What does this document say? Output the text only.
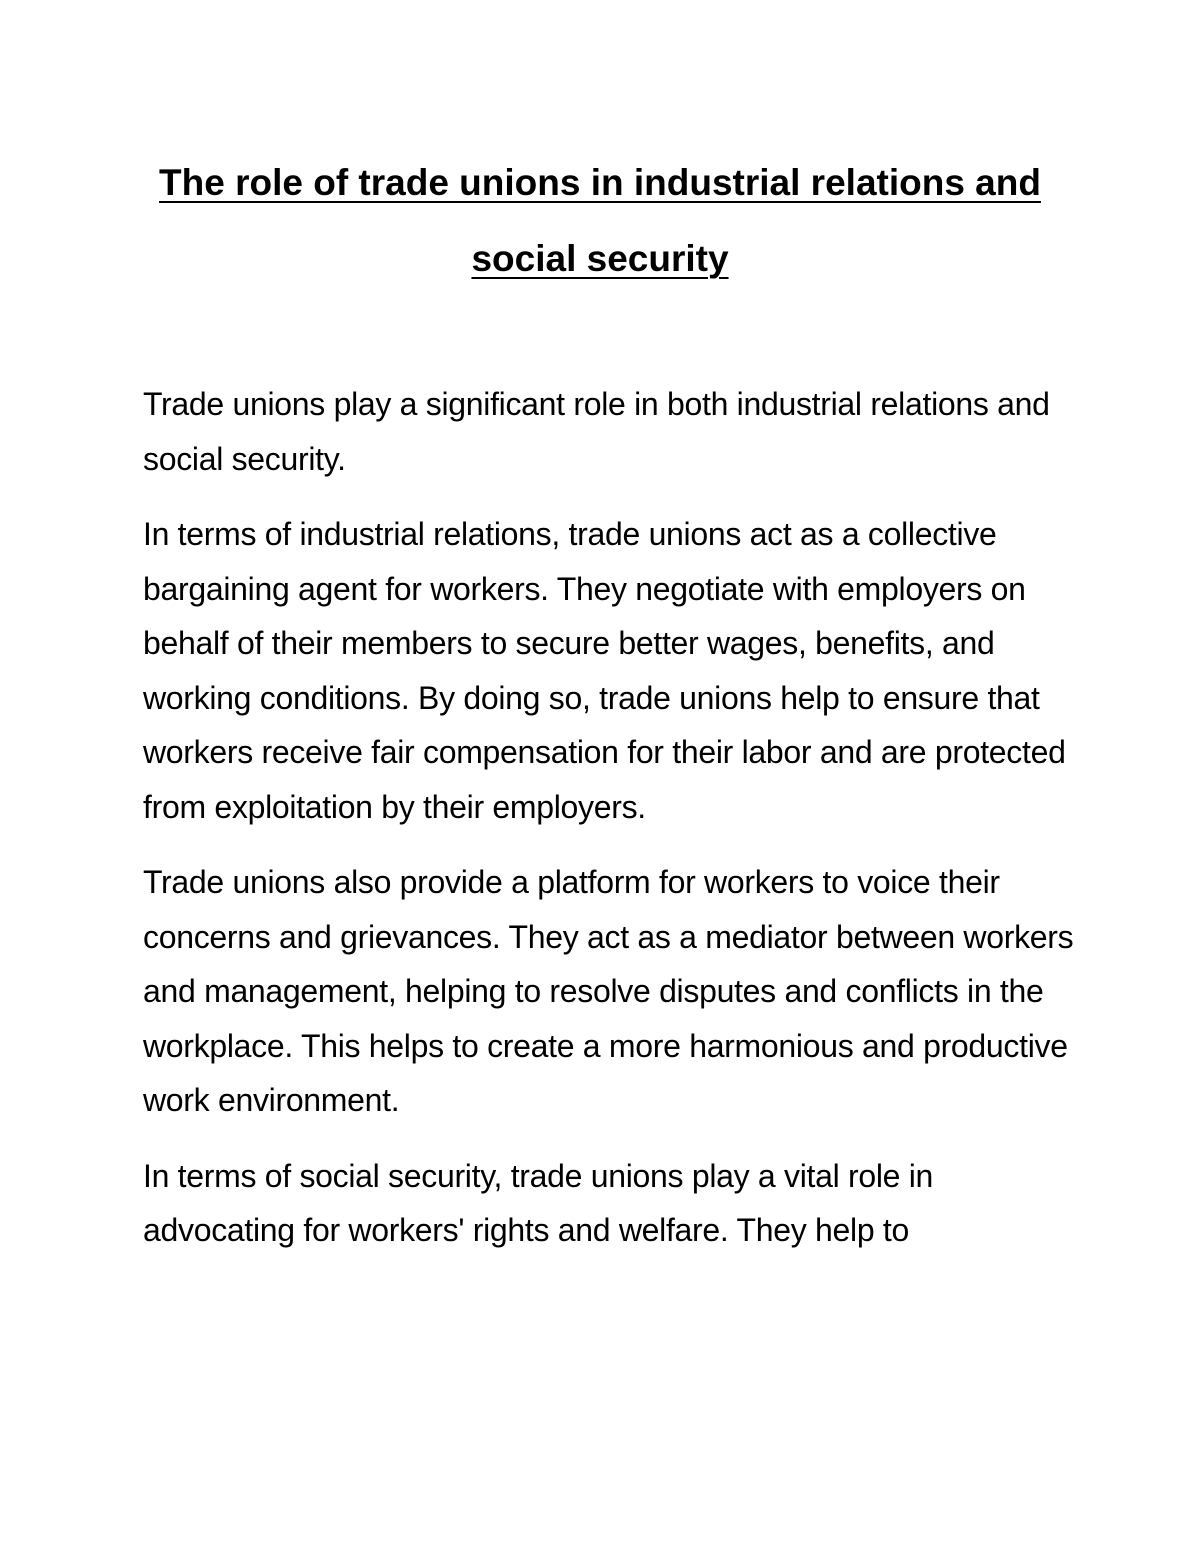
The role of trade unions in industrial relations and social security

Trade unions play a significant role in both industrial relations and social security.

In terms of industrial relations, trade unions act as a collective bargaining agent for workers. They negotiate with employers on behalf of their members to secure better wages, benefits, and working conditions. By doing so, trade unions help to ensure that workers receive fair compensation for their labor and are protected from exploitation by their employers.

Trade unions also provide a platform for workers to voice their concerns and grievances. They act as a mediator between workers and management, helping to resolve disputes and conflicts in the workplace. This helps to create a more harmonious and productive work environment.

In terms of social security, trade unions play a vital role in advocating for workers' rights and welfare. They help to
